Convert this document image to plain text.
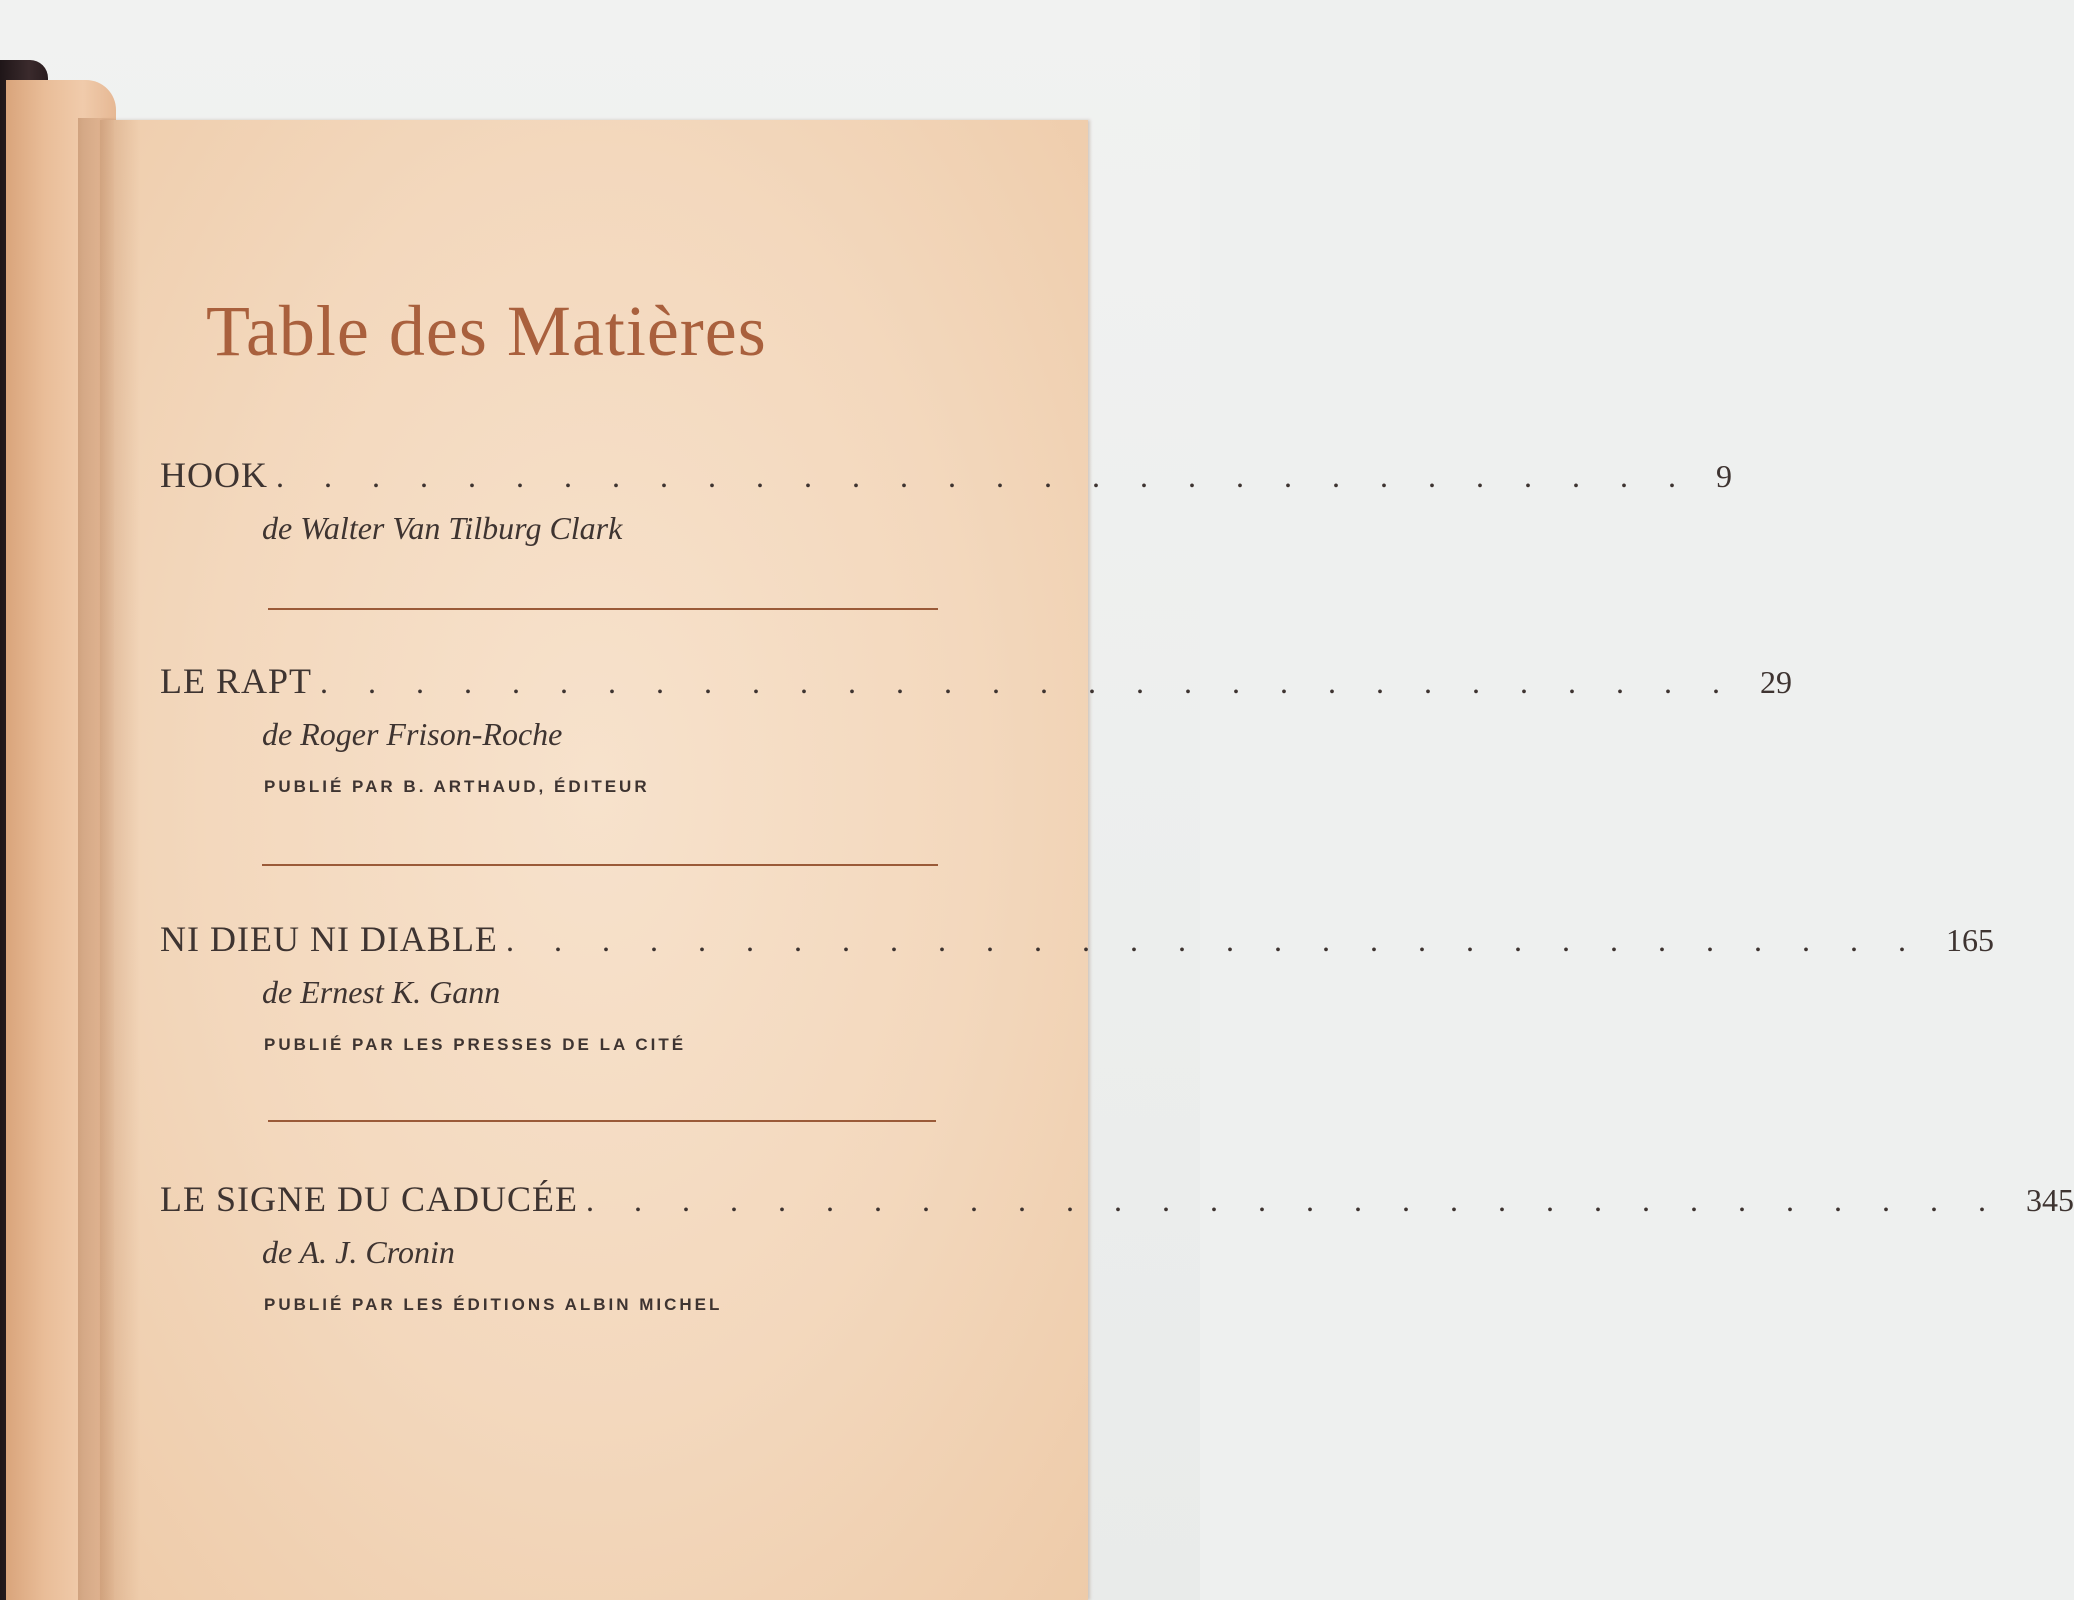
Table des Matières
HOOK . . . . . . . . . . . . . . . . . . . . . . . . . . . . . . 9
de Walter Van Tilburg Clark
LE RAPT . . . . . . . . . . . . . . . . . . . . . . . . . . . . . . 29
de Roger Frison-Roche
PUBLIÉ PAR B. ARTHAUD, ÉDITEUR
NI DIEU NI DIABLE . . . . . . . . . . . . . . . . . . . . . . . . . . . . . . 165
de Ernest K. Gann
PUBLIÉ PAR LES PRESSES DE LA CITÉ
LE SIGNE DU CADUCÉE . . . . . . . . . . . . . . . . . . . . . . . . . . . . . . 345
de A. J. Cronin
PUBLIÉ PAR LES ÉDITIONS ALBIN MICHEL
